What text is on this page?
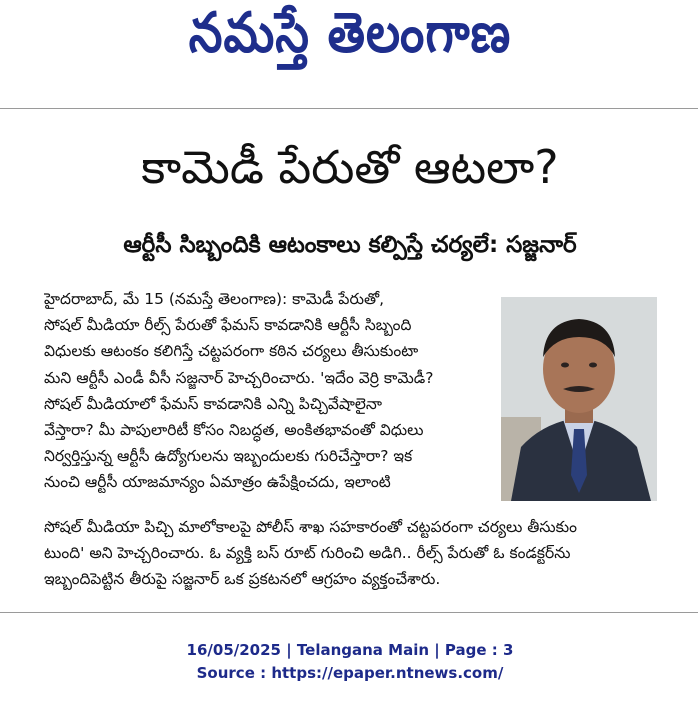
నమస్తే తెలంగాణ
కామెడీ పేరుతో ఆటలా?
ఆర్టీసీ సిబ్బందికి ఆటంకాలు కల్పిస్తే చర్యలే: సజ్జనార్
హైదరాబాద్, మే 15 (నమస్తే తెలంగాణ): కామెడీ పేరుతో,
సోషల్ మీడియా రీల్స్ పేరుతో ఫేమస్ కావడానికి ఆర్టీసీ సిబ్బంది
విధులకు ఆటంకం కలిగిస్తే చట్టపరంగా కఠిన చర్యలు తీసుకుంటా
మని ఆర్టీసీ ఎండీ వీసీ సజ్జనార్ హెచ్చరించారు. 'ఇదేం వెర్రి కామెడీ?
సోషల్ మీడియాలో ఫేమస్ కావడానికి ఎన్ని పిచ్చివేషాలైనా
వేస్తారా? మీ పాపులారిటీ కోసం నిబద్ధత, అంకితభావంతో విధులు
నిర్వర్తిస్తున్న ఆర్టీసీ ఉద్యోగులను ఇబ్బందులకు గురిచేస్తారా? ఇక
నుంచి ఆర్టీసీ యాజమాన్యం ఏమాత్రం ఉపేక్షించదు, ఇలాంటి
సోషల్ మీడియా పిచ్చి మాలోకాలపై పోలీస్ శాఖ సహకారంతో చట్టపరంగా చర్యలు తీసుకుం
టుంది' అని హెచ్చరించారు. ఓ వ్యక్తి బస్ రూట్ గురించి అడిగి.. రీల్స్ పేరుతో ఓ కండక్టర్‌ను
ఇబ్బందిపెట్టిన తీరుపై సజ్జనార్ ఒక ప్రకటనలో ఆగ్రహం వ్యక్తంచేశారు.
16/05/2025 | Telangana Main | Page : 3
Source : https://epaper.ntnews.com/
